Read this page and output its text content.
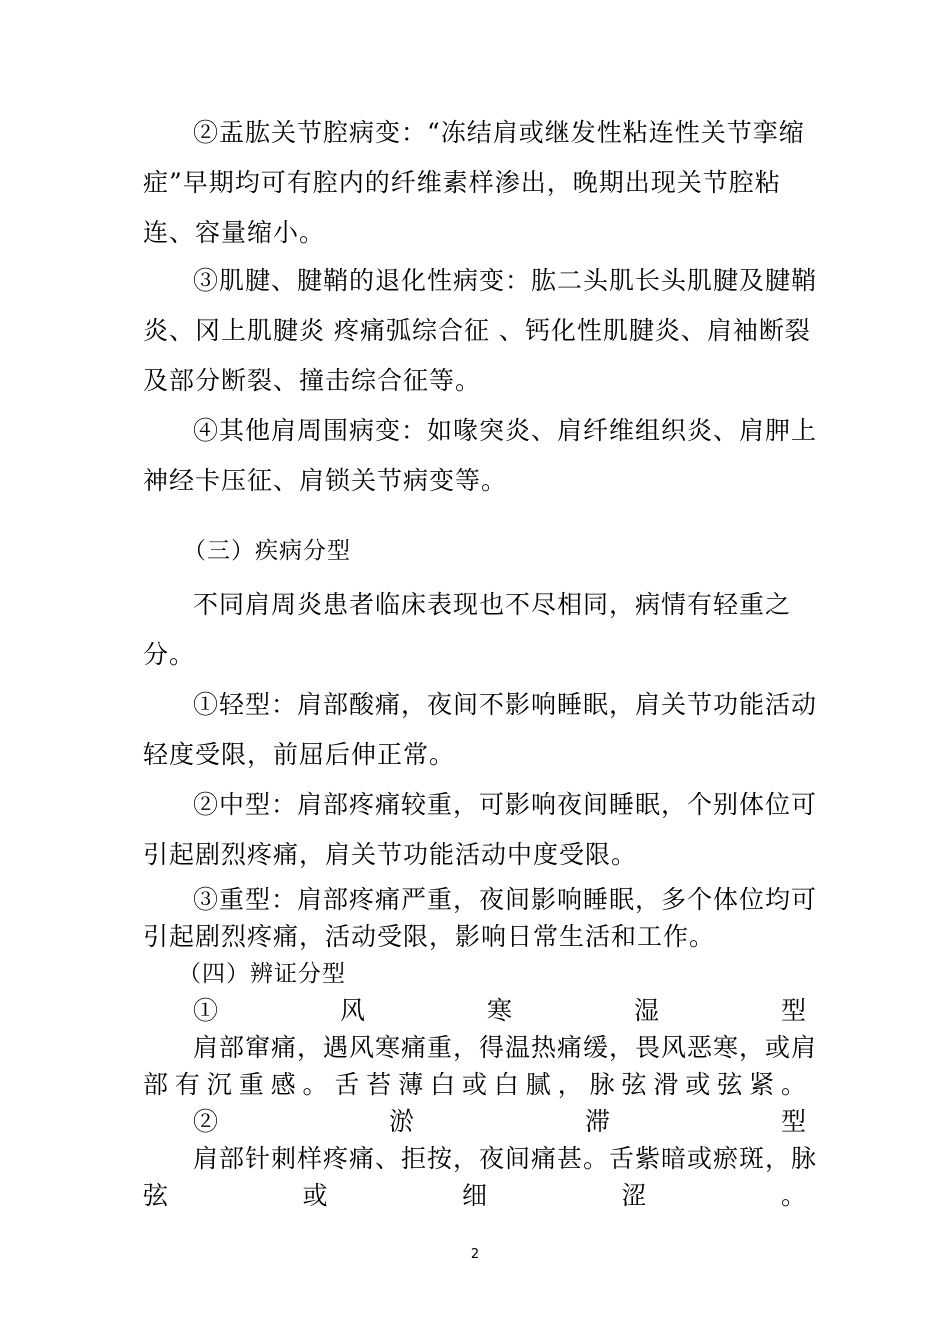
②盂肱关节腔病变：“冻结肩或继发性粘连性关节挛缩
症”早期均可有腔内的纤维素样渗出，晚期出现关节腔粘
连、容量缩小。
③肌腱、腱鞘的退化性病变：肱二头肌长头肌腱及腱鞘
炎、冈上肌腱炎 疼痛弧综合征 、钙化性肌腱炎、肩袖断裂
及部分断裂、撞击综合征等。
④其他肩周围病变：如喙突炎、肩纤维组织炎、肩胛上
神经卡压征、肩锁关节病变等。
（三）疾病分型
不同肩周炎患者临床表现也不尽相同，病情有轻重之
分。
①轻型：肩部酸痛，夜间不影响睡眠，肩关节功能活动
轻度受限，前屈后伸正常。
②中型：肩部疼痛较重，可影响夜间睡眠，个别体位可
引起剧烈疼痛，肩关节功能活动中度受限。
③重型：肩部疼痛严重，夜间影响睡眠，多个体位均可
引起剧烈疼痛，活动受限，影响日常生活和工作。
（四）辨证分型
① 风 寒 湿 型
肩部窜痛，遇风寒痛重，得温热痛缓，畏风恶寒，或肩
部有沉重感。舌苔薄白或白腻，脉弦滑或弦紧。
② 淤 滞 型
肩部针刺样疼痛、拒按，夜间痛甚。舌紫暗或瘀斑，脉
弦 或 细 涩 。
2
